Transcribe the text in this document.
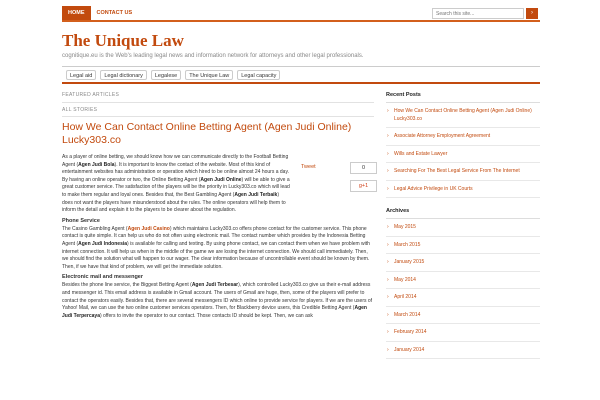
HOME CONTACT US
Search this site...	›
The Unique Law
cognitique.eu is the Web's leading legal news and information network for attorneys and other legal professionals.
Legal aid Legal dictionary Legalese The Unique Law Legal capacity
FEATURED ARTICLES
ALL STORIES
How We Can Contact Online Betting Agent (Agen Judi Online) Lucky303.co
Tweet	0
g+1

As a player of online betting, we should know how we can communicate directly to the Football Betting Agent (Agen Judi Bola). It is important to know the contact of the website. Most of this kind of entertainment websites has administration or operation which hired to be online almost 24 hours a day. By having an online operator or two, the Online Betting Agent (Agen Judi Online) will be able to give a great customer service. The satisfaction of the players will be the priority in Lucky303.co which will lead to make them regular and loyal ones. Besides that, the Best Gambling Agent (Agen Judi Terbaik) does not want the players have misunderstood about the rules. The online operators will help them to inform the detail and explain it to the players to be clearer about the regulation.

Phone Service

The Casino Gambling Agent (Agen Judi Casino) which maintains Lucky303.co offers phone contact for the customer service. This phone contact is quite simple. It can help us who do not often using electronic mail. The contact number which provides by the Indonesia Betting Agent (Agen Judi Indonesia) is available for calling and texting. By using phone contact, we can contact them when we have problem with internet connection. It will help us when in the middle of the game we are losing the internet connection. We should call immediately. Then, we should find the solution what will happen to our wager. The clear information because of uncontrollable event should be known by them. Then, if we have that kind of problem, we will get the immediate solution.

Electronic mail and messenger

Besides the phone line service, the Biggest Betting Agent (Agen Judi Terbesar), which controlled Lucky303.co give us their e-mail address and messenger id. This email address is available in Gmail account. The users of Gmail are huge, then, some of the players will prefer to contact the operators easily. Besides that, there are several messengers ID which online to provide service for players. If we are the users of Yahoo! Mail, we can use the two online customer services operators. Then, for Blackberry device users, this Credible Betting Agent (Agen Judi Terpercaya) offers to invite the operator to our contact. Those contacts ID should be kept. Then, we can ask

Recent Posts
› How We Can Contact Online Betting Agent (Agen Judi Online) Lucky303.co
› Associate Attorney Employment Agreement
› Wills and Estate Lawyer
› Searching For The Best Legal Service From The Internet
› Legal Advice Privilege in UK Courts
Archives
› May 2015
› March 2015
› January 2015
› May 2014
› April 2014
› March 2014
› February 2014
› January 2014
